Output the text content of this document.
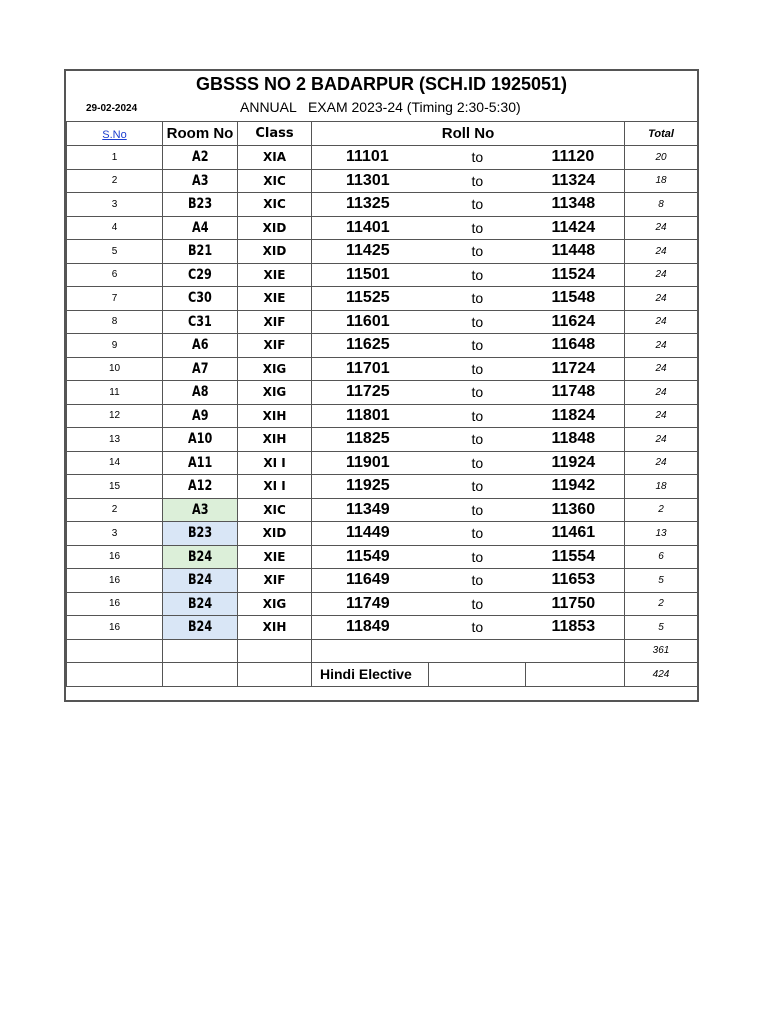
GBSSS NO 2 BADARPUR (SCH.ID 1925051)
29-02-2024	ANNUAL   EXAM 2023-24 (Timing 2:30-5:30)
S.No	Room No	Class	Roll No			Total
1	A2	XIA	11101	to	11120	20
2	A3	XIC	11301	to	11324	18
3	B23	XIC	11325	to	11348	8
4	A4	XID	11401	to	11424	24
5	B21	XID	11425	to	11448	24
6	C29	XIE	11501	to	11524	24
7	C30	XIE	11525	to	11548	24
8	C31	XIF	11601	to	11624	24
9	A6	XIF	11625	to	11648	24
10	A7	XIG	11701	to	11724	24
11	A8	XIG	11725	to	11748	24
12	A9	XIH	11801	to	11824	24
13	A10	XIH	11825	to	11848	24
14	A11	XI I	11901	to	11924	24
15	A12	XI I	11925	to	11942	18
2	A3	XIC	11349	to	11360	2
3	B23	XID	11449	to	11461	13
16	B24	XIE	11549	to	11554	6
16	B24	XIF	11649	to	11653	5
16	B24	XIG	11749	to	11750	2
16	B24	XIH	11849	to	11853	5
						361
			Hindi Elective			424
